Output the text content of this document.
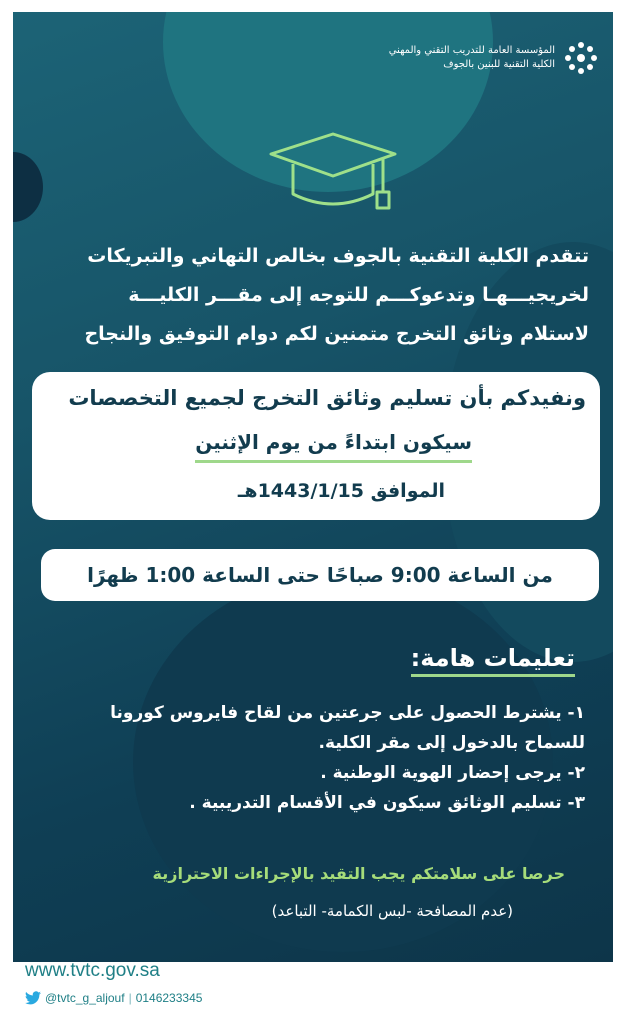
المؤسسة العامة للتدريب التقني والمهني
الكلية التقنية للبنين بالجوف
تتقدم الكلية التقنية بالجوف بخالص التهاني والتبريكات
لخريجيـــهـا وتدعوكـــم للتوجه إلى مقـــر الكليـــة
لاستلام وثائق التخرج متمنين لكم دوام التوفيق والنجاح
ونفيدكم بأن تسليم وثائق التخرج لجميع التخصصات
سيكون ابتداءً من يوم الإثنين
الموافق 1443/1/15هـ
من الساعة 9:00 صباحًا حتى الساعة 1:00 ظهرًا
تعليمات هامة:
١- يشترط الحصول على جرعتين من لقاح فايروس كورونا
للسماح بالدخول إلى مقر الكلية.
٢- يرجى إحضار الهوية الوطنية .
٣- تسليم الوثائق سيكون في الأقسام التدريبية .
حرصا على سلامتكم يجب التقيد بالإجراءات الاحترازية
(عدم المصافحة -لبس الكمامة- التباعد)
www.tvtc.gov.sa
@tvtc_g_aljouf | 0146233345
